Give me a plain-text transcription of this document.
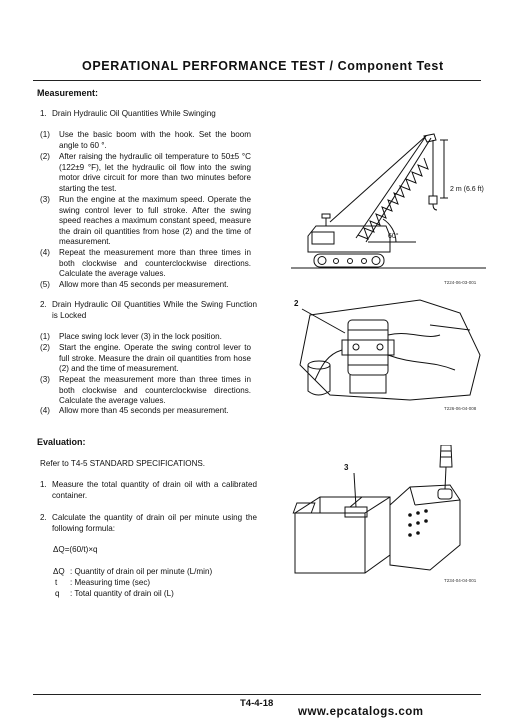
OPERATIONAL PERFORMANCE TEST / Component Test
Measurement:
1. Drain Hydraulic Oil Quantities While Swinging
(1) Use the basic boom with the hook. Set the boom angle to 60 °.
(2) After raising the hydraulic oil temperature to 50±5 °C (122±9 °F), let the hydraulic oil flow into the swing motor drive circuit for more than two minutes before starting the test.
(3) Run the engine at the maximum speed. Operate the swing control lever to full stroke. After the swing speed reaches a maximum constant speed, measure the drain oil quantities from hose (2) and the time of measurement.
(4) Repeat the measurement more than three times in both clockwise and counterclockwise directions. Calculate the average values.
(5) Allow more than 45 seconds per measurement.
2. Drain Hydraulic Oil Quantities While the Swing Function is Locked
(1) Place swing lock lever (3) in the lock position.
(2) Start the engine. Operate the swing control lever to full stroke. Measure the drain oil quantities from hose (2) and the time of measurement.
(3) Repeat the measurement more than three times in both clockwise and counterclockwise directions. Calculate the average values.
(4) Allow more than 45 seconds per measurement.
Evaluation:
Refer to T4-5 STANDARD SPECIFICATIONS.
1. Measure the total quantity of drain oil with a calibrated container.
2. Calculate the quantity of drain oil per minute using the following formula:
ΔQ=(60/t)×q
ΔQ : Quantity of drain oil per minute (L/min)
t : Measuring time (sec)
q : Total quantity of drain oil (L)
2 m (6.6 ft)
60°
T224-06-03-001
2
T226-06-04-008
3
T234-04-04-001
T4-4-18
www.epcatalogs.com
